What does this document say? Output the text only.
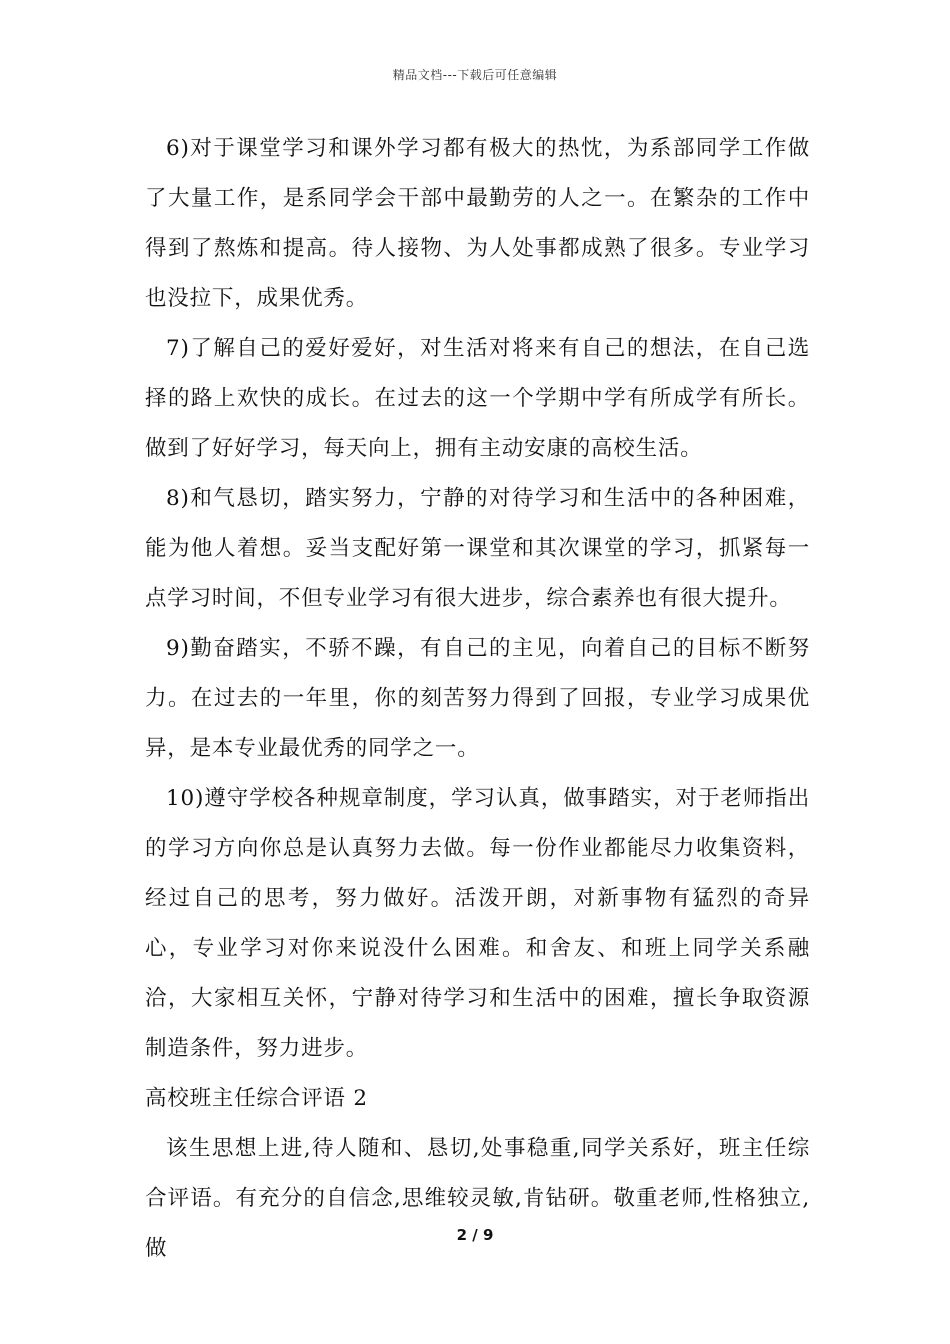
精品文档---下载后可任意编辑

6)对于课堂学习和课外学习都有极大的热忱，为系部同学工作做了大量工作，是系同学会干部中最勤劳的人之一。在繁杂的工作中得到了熬炼和提高。待人接物、为人处事都成熟了很多。专业学习也没拉下，成果优秀。

7)了解自己的爱好爱好，对生活对将来有自己的想法，在自己选择的路上欢快的成长。在过去的这一个学期中学有所成学有所长。做到了好好学习，每天向上，拥有主动安康的高校生活。

8)和气恳切，踏实努力，宁静的对待学习和生活中的各种困难，能为他人着想。妥当支配好第一课堂和其次课堂的学习，抓紧每一点学习时间，不但专业学习有很大进步，综合素养也有很大提升。

9)勤奋踏实，不骄不躁，有自己的主见，向着自己的目标不断努力。在过去的一年里，你的刻苦努力得到了回报，专业学习成果优异，是本专业最优秀的同学之一。

10)遵守学校各种规章制度，学习认真，做事踏实，对于老师指出的学习方向你总是认真努力去做。每一份作业都能尽力收集资料，经过自己的思考，努力做好。活泼开朗，对新事物有猛烈的奇异心，专业学习对你来说没什么困难。和舍友、和班上同学关系融洽，大家相互关怀，宁静对待学习和生活中的困难，擅长争取资源制造条件，努力进步。

高校班主任综合评语 2

该生思想上进,待人随和、恳切,处事稳重,同学关系好，班主任综合评语。有充分的自信念,思维较灵敏,肯钻研。敬重老师,性格独立,做

2 / 9
